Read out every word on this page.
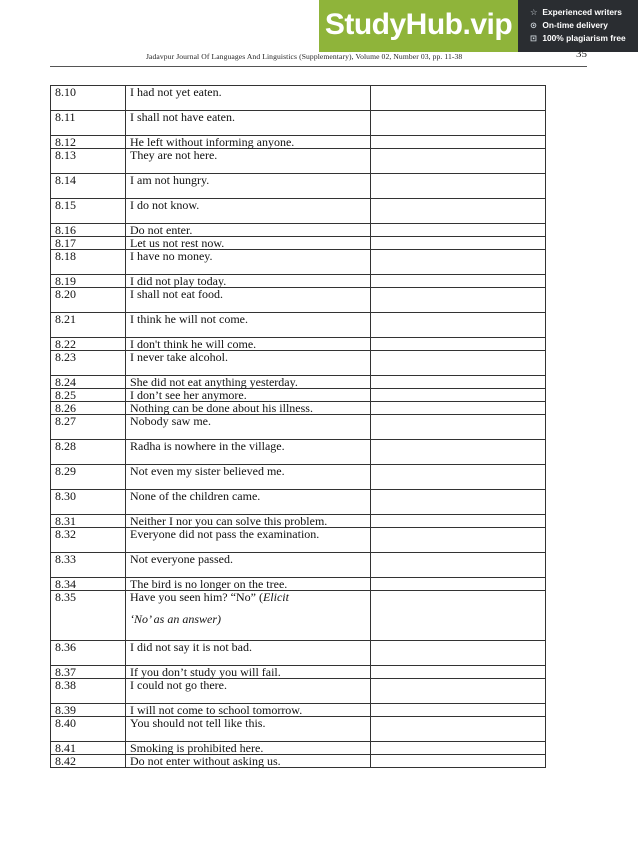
StudyHub.vip	☆ Experienced writers
⊙ On-time delivery
⊡ 100% plagiarism free
Jadavpur Journal Of Languages And Linguistics (Supplementary), Volume 02, Number 03, pp. 11-38	35
8.10	I had not yet eaten.	
8.11	I shall not have eaten.	
8.12	He left without informing anyone.	
8.13	They are not here.	
8.14	I am not hungry.	
8.15	I do not know.	
8.16	Do not enter.	
8.17	Let us not rest now.	
8.18	I have no money.	
8.19	I did not play today.	
8.20	I shall not eat food.	
8.21	I think he will not come.	
8.22	I don't think he will come.	
8.23	I never take alcohol.	
8.24	She did not eat anything yesterday.	
8.25	I don’t see her anymore.	
8.26	Nothing can be done about his illness.	
8.27	Nobody saw me.	
8.28	Radha is nowhere in the village.	
8.29	Not even my sister believed me.	
8.30	None of the children came.	
8.31	Neither I nor you can solve this problem.	
8.32	Everyone did not pass the examination.	
8.33	Not everyone passed.	
8.34	The bird is no longer on the tree.	
8.35	Have you seen him? “No” (Elicit
‘No’ as an answer)	

8.36	I did not say it is not bad.	
8.37	If you don’t study you will fail.	
8.38	I could not go there.	
8.39	I will not come to school tomorrow.	
8.40	You should not tell like this.	
8.41	Smoking is prohibited here.	
8.42	Do not enter without asking us.	
